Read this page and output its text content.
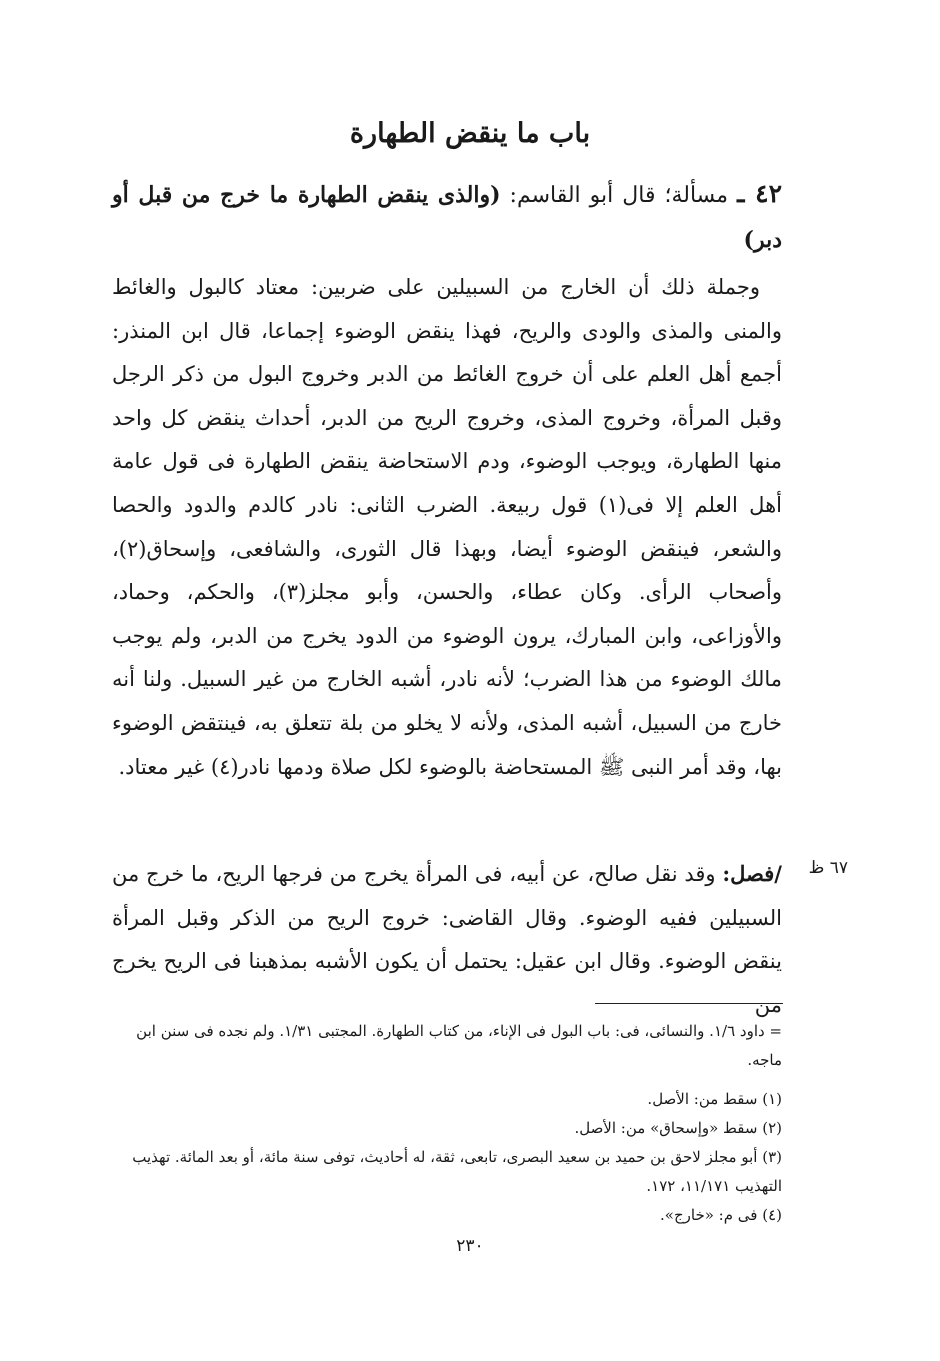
باب ما ينقض الطهارة
٤٢ ـ مسألة؛ قال أبو القاسم: (والذى ينقض الطهارة ما خرج من قبل أو دبر)
وجملة ذلك أن الخارج من السبيلين على ضربين: معتاد كالبول والغائط والمنى والمذى والودى والريح، فهذا ينقض الوضوء إجماعا، قال ابن المنذر: أجمع أهل العلم على أن خروج الغائط من الدبر وخروج البول من ذكر الرجل وقبل المرأة، وخروج المذى، وخروج الريح من الدبر، أحداث ينقض كل واحد منها الطهارة، ويوجب الوضوء، ودم الاستحاضة ينقض الطهارة فى قول عامة أهل العلم إلا فى(١) قول ربيعة. الضرب الثانى: نادر كالدم والدود والحصا والشعر، فينقض الوضوء أيضا، وبهذا قال الثورى، والشافعى، وإسحاق(٢)، وأصحاب الرأى. وكان عطاء، والحسن، وأبو مجلز(٣)، والحكم، وحماد، والأوزاعى، وابن المبارك، يرون الوضوء من الدود يخرج من الدبر، ولم يوجب مالك الوضوء من هذا الضرب؛ لأنه نادر، أشبه الخارج من غير السبيل. ولنا أنه خارج من السبيل، أشبه المذى، ولأنه لا يخلو من بلة تتعلق به، فينتقض الوضوء بها، وقد أمر النبى ﷺ المستحاضة بالوضوء لكل صلاة ودمها نادر(٤) غير معتاد.
٦٧ ظ
/فصل: وقد نقل صالح، عن أبيه، فى المرأة يخرج من فرجها الريح، ما خرج من السبيلين ففيه الوضوء. وقال القاضى: خروج الريح من الذكر وقبل المرأة ينقض الوضوء. وقال ابن عقيل: يحتمل أن يكون الأشبه بمذهبنا فى الريح يخرج من
= داود ١/٦. والنسائى، فى: باب البول فى الإناء، من كتاب الطهارة. المجتبى ١/٣١. ولم نجده فى سنن ابن ماجه.
(١) سقط من: الأصل.
(٢) سقط «وإسحاق» من: الأصل.
(٣) أبو مجلز لاحق بن حميد بن سعيد البصرى، تابعى، ثقة، له أحاديث، توفى سنة مائة، أو بعد المائة. تهذيب التهذيب ١١/١٧١، ١٧٢.
(٤) فى م: «خارج».
٢٣٠
